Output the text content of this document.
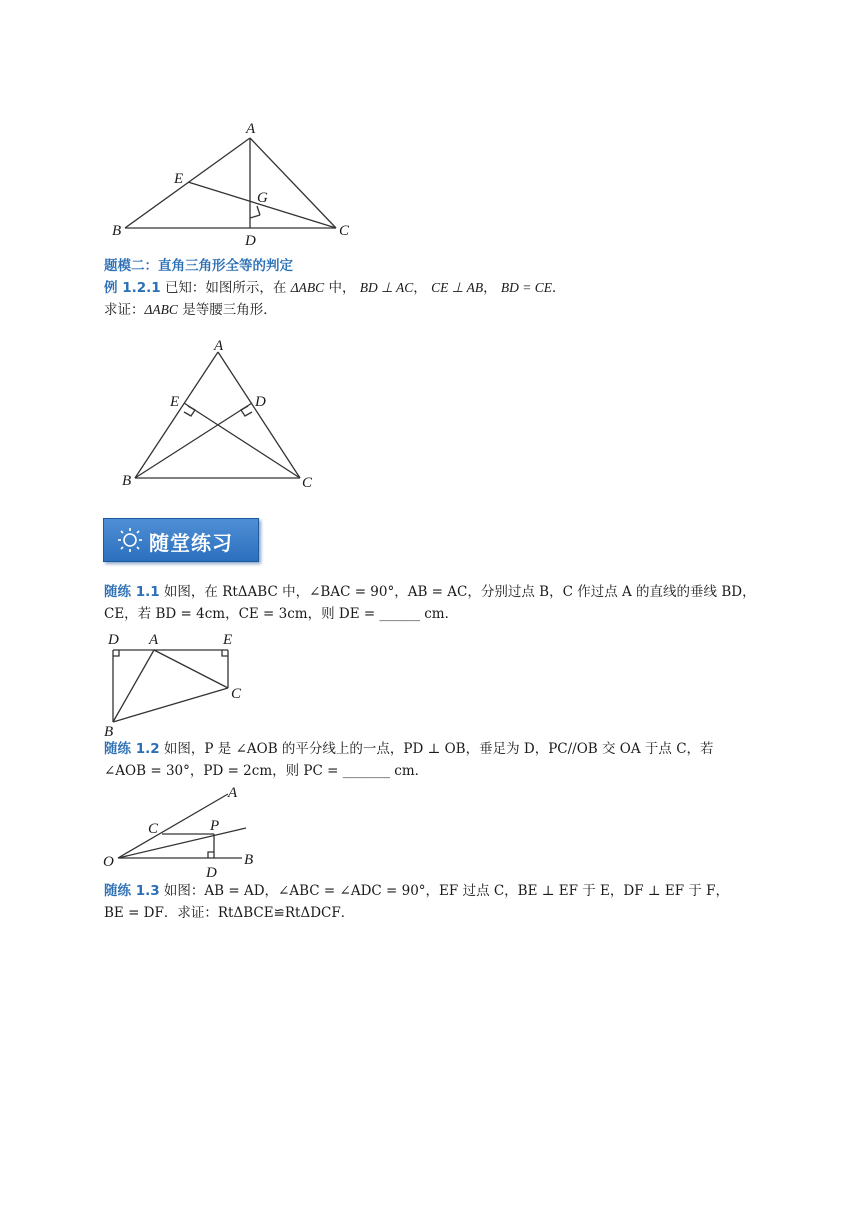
A
E
G
B
D
C
题模二：直角三角形全等的判定
例 1.2.1 已知：如图所示，在 ΔABC 中， BD ⊥ AC， CE ⊥ AB， BD = CE．
求证：ΔABC 是等腰三角形．
A
E	D
B	C
随堂练习
随练 1.1 如图，在 RtΔABC 中，∠BAC = 90°，AB = AC，分别过点 B，C 作过点 A 的直线的垂线 BD，
CE，若 BD = 4cm，CE = 3cm，则 DE = ______ cm．
D A	E
C
B
随练 1.2 如图，P 是 ∠AOB 的平分线上的一点，PD ⊥ OB，垂足为 D，PC//OB 交 OA 于点 C，若
∠AOB = 30°，PD = 2cm，则 PC = _______ cm．
A
C	P
O	B
D
随练 1.3 如图：AB = AD，∠ABC = ∠ADC = 90°，EF 过点 C，BE ⊥ EF 于 E，DF ⊥ EF 于 F，
BE = DF．求证：RtΔBCE≌RtΔDCF．
